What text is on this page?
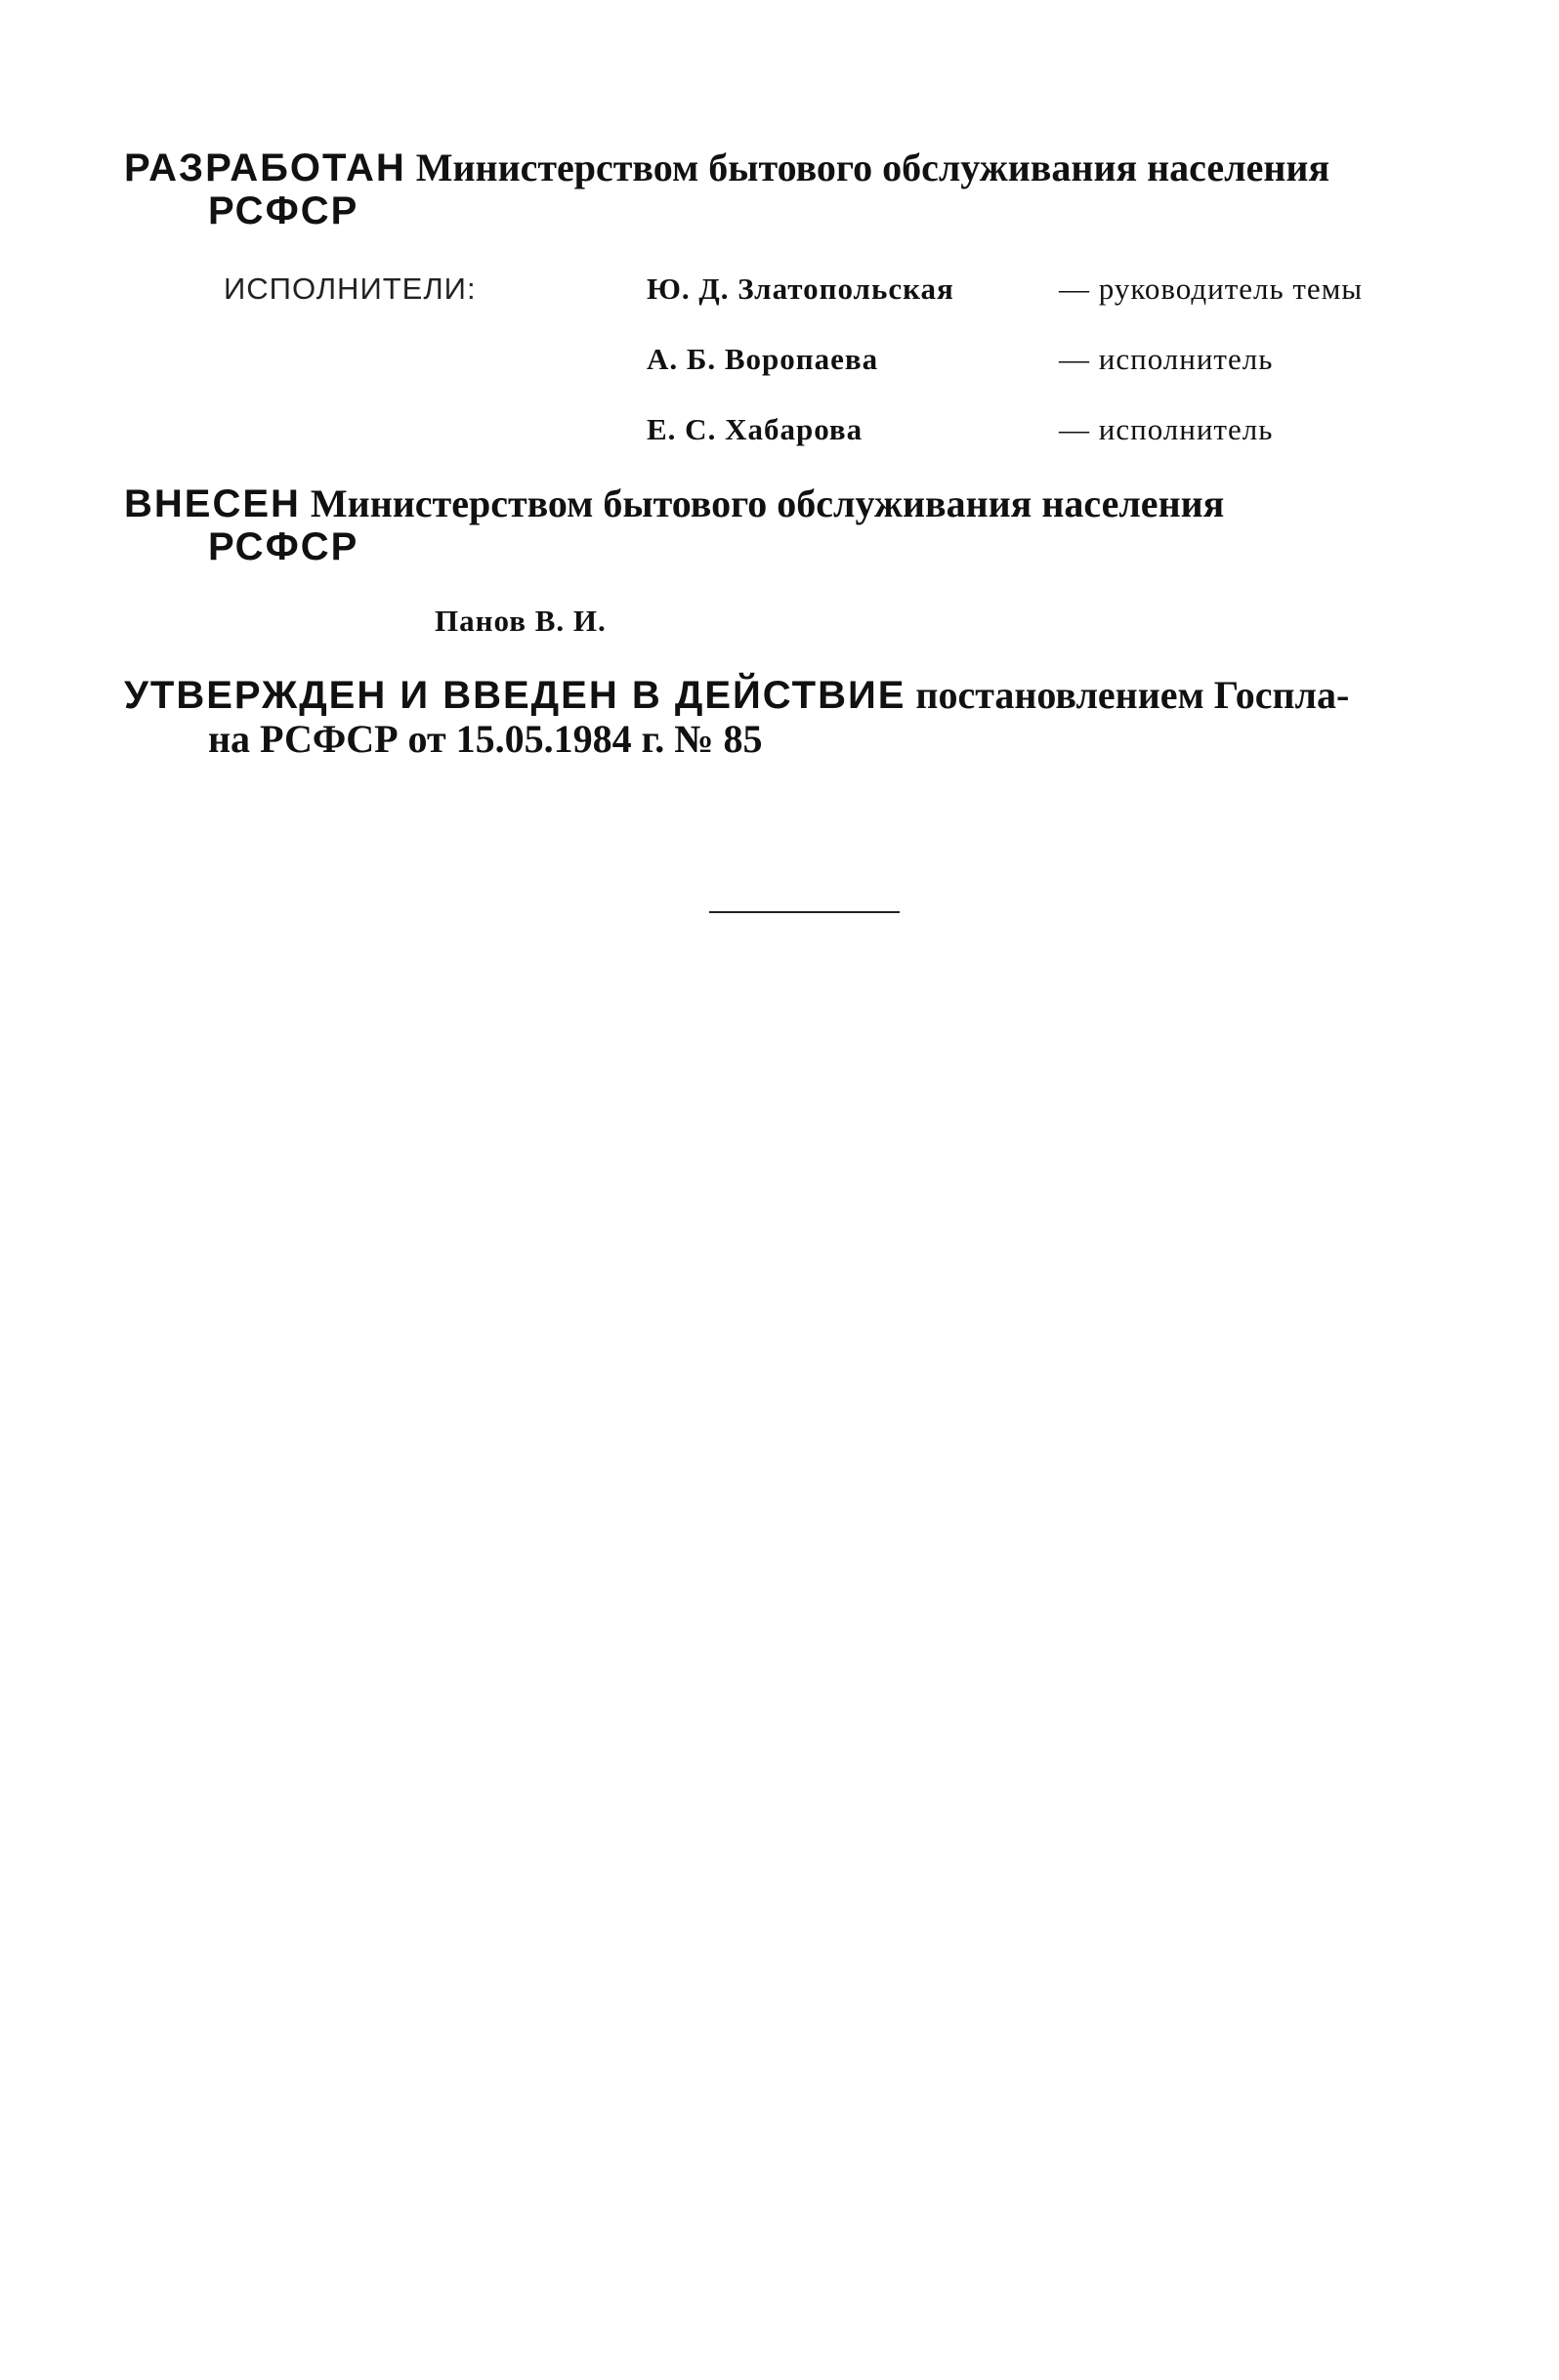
РАЗРАБОТАН Министерством бытового обслуживания населения
РСФСР
ИСПОЛНИТЕЛИ:	Ю. Д. Златопольская	— руководитель темы
А. Б. Воропаева	— исполнитель
Е. С. Хабарова	— исполнитель
ВНЕСЕН Министерством бытового обслуживания населения
РСФСР
Панов В. И.
УТВЕРЖДЕН И ВВЕДЕН В ДЕЙСТВИЕ постановлением Госпла-
на РСФСР от 15.05.1984 г. № 85
